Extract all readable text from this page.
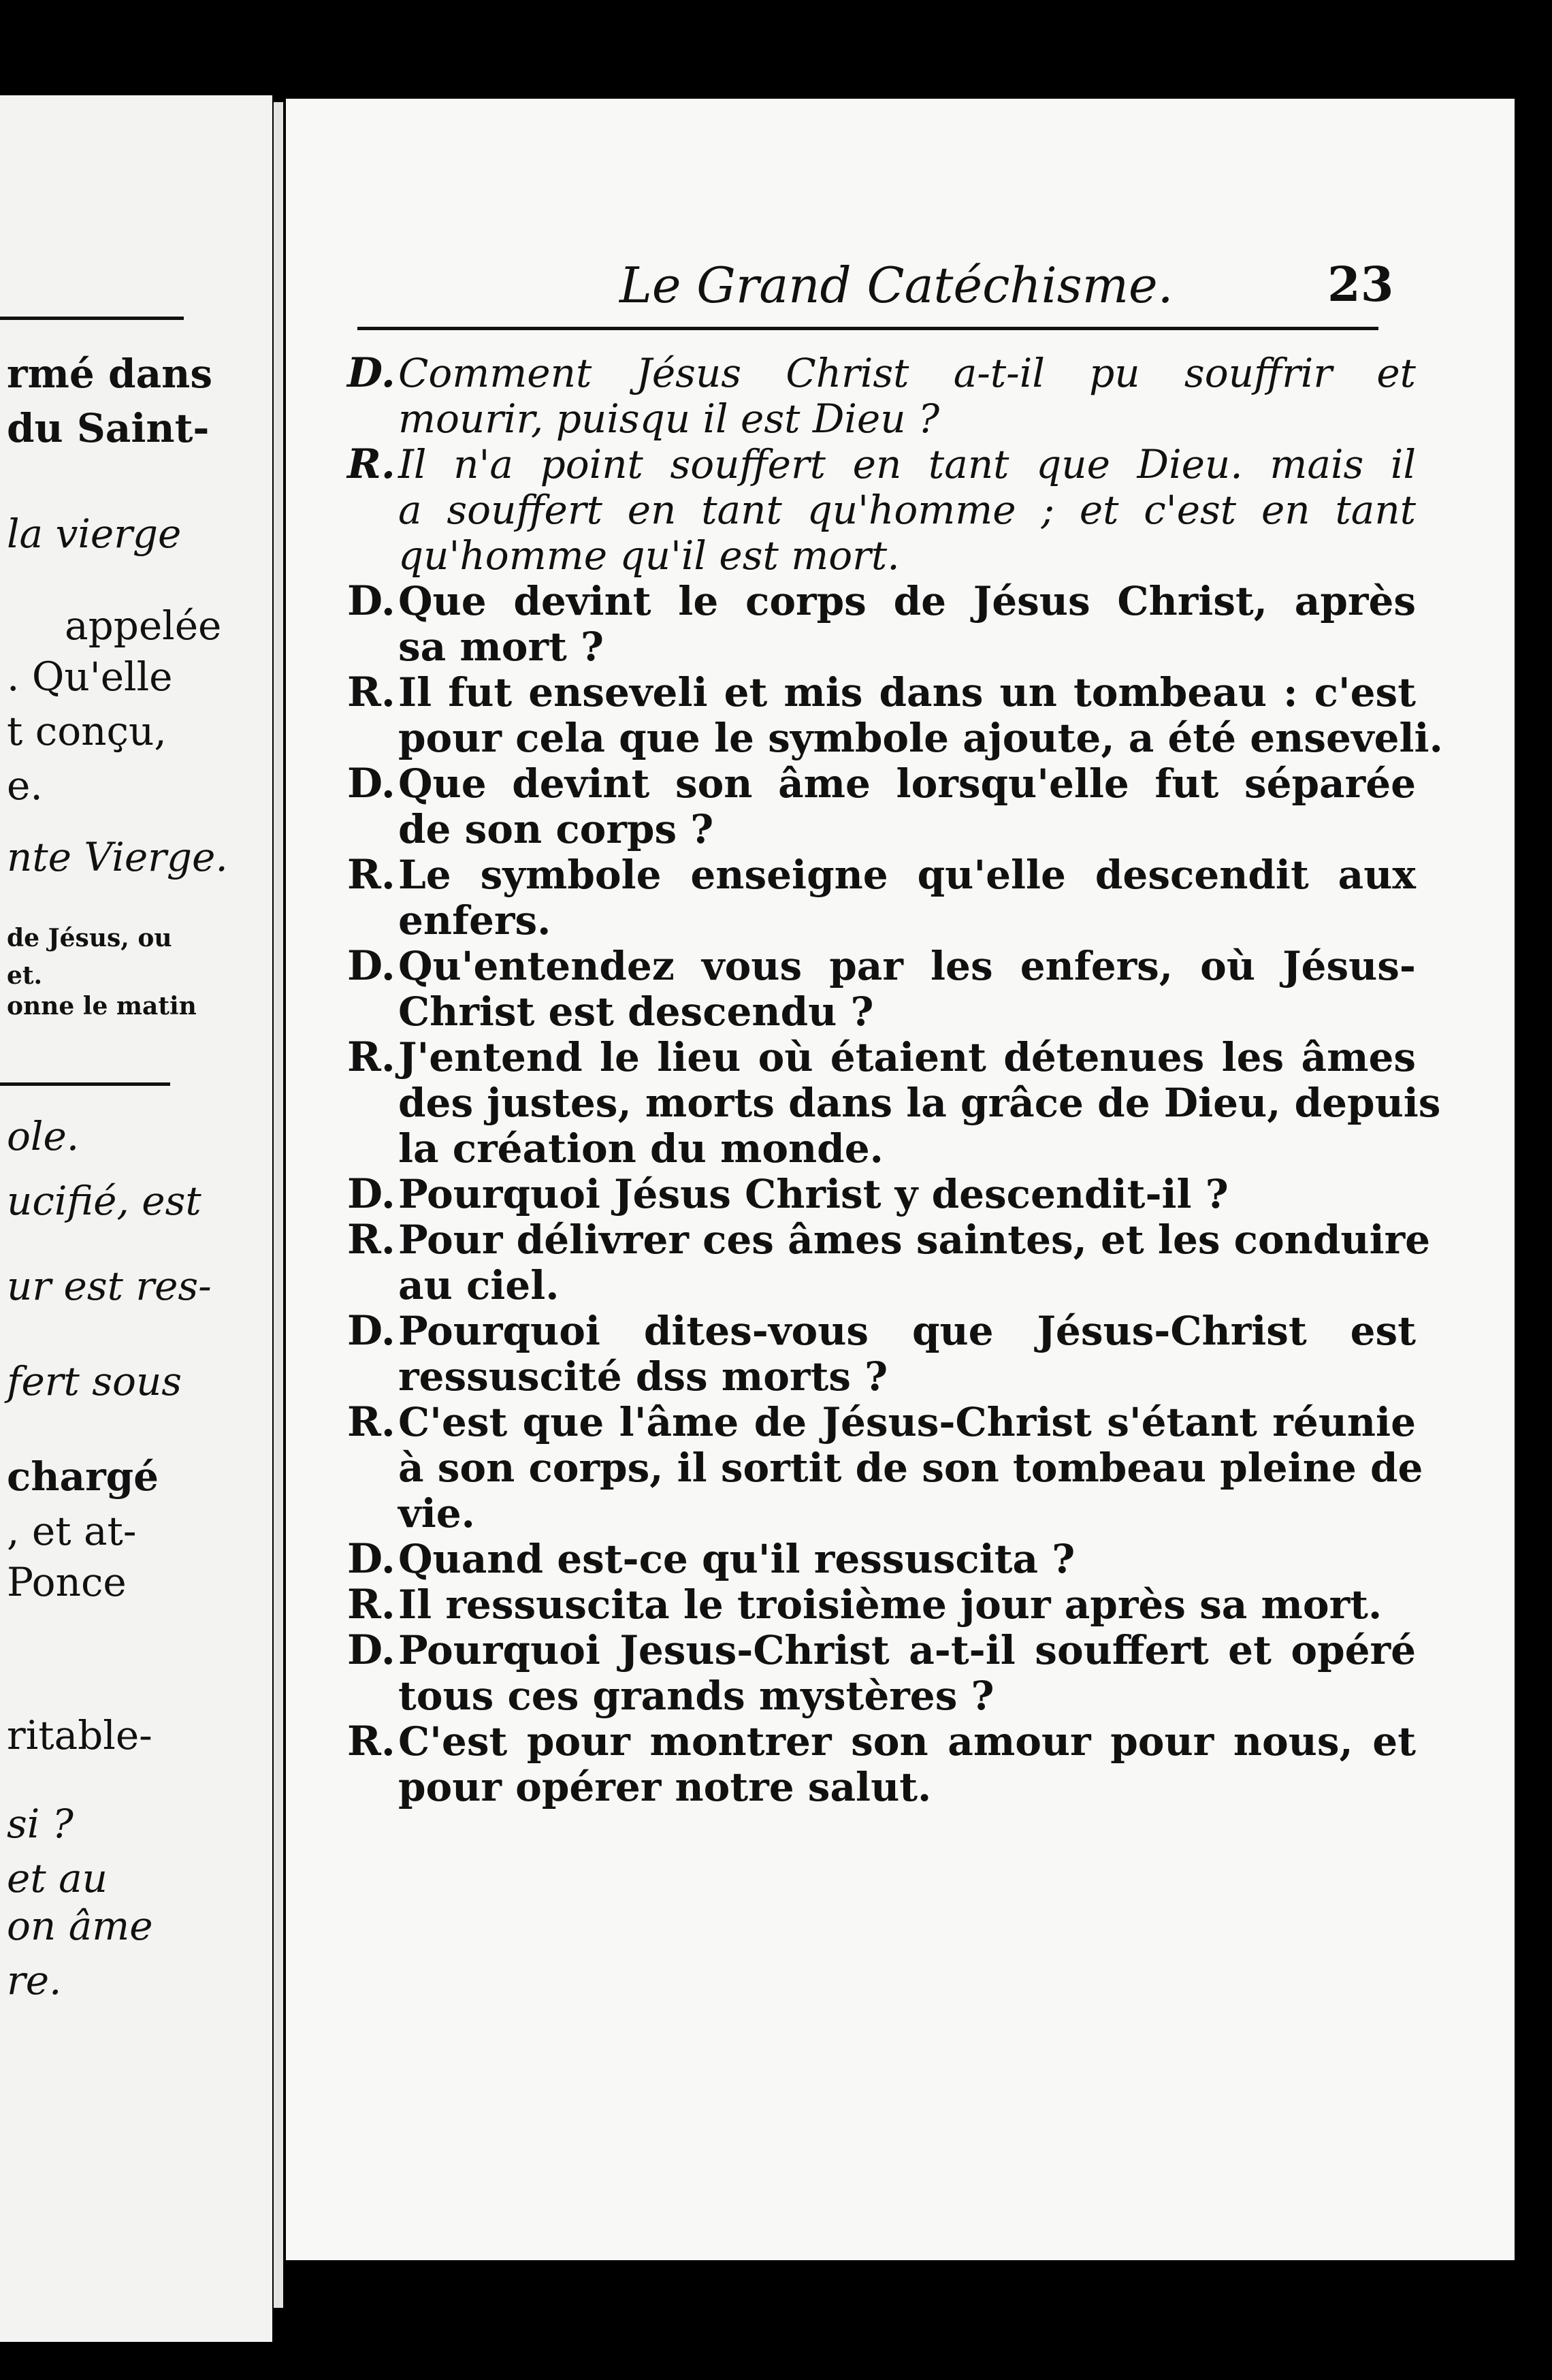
rmé dans
du Saint-
la vierge
appelée
. Qu'elle
t conçu,
e.
nte Vierge.
de Jésus, ou
et.
onne le matin
ole.
ucifié, est
ur est res-
fert sous
chargé
, et at-
Ponce
ritable-
si ?
et au
on âme
re.
Le Grand Catéchisme.	23
D. Comment Jésus Christ a-t-il pu souffrir et
mourir, puisqu il est Dieu ?
R. Il n'a point souffert en tant que Dieu. mais il
a souffert en tant qu'homme ; et c'est en tant
qu'homme qu'il est mort.
D. Que devint le corps de Jésus Christ, après
sa mort ?
R. Il fut enseveli et mis dans un tombeau : c'est
pour cela que le symbole ajoute, a été enseveli.
D. Que devint son âme lorsqu'elle fut séparée
de son corps ?
R. Le symbole enseigne qu'elle descendit aux
enfers.
D. Qu'entendez vous par les enfers, où Jésus-
Christ est descendu ?
R. J'entend le lieu où étaient détenues les âmes
des justes, morts dans la grâce de Dieu, depuis
la création du monde.
D. Pourquoi Jésus Christ y descendit-il ?
R. Pour délivrer ces âmes saintes, et les conduire
au ciel.
D. Pourquoi dites-vous que Jésus-Christ est
ressuscité dss morts ?
R. C'est que l'âme de Jésus-Christ s'étant réunie
à son corps, il sortit de son tombeau pleine de
vie.
D. Quand est-ce qu'il ressuscita ?
R. Il ressuscita le troisième jour après sa mort.
D. Pourquoi Jesus-Christ a-t-il souffert et opéré
tous ces grands mystères ?
R. C'est pour montrer son amour pour nous, et
pour opérer notre salut.
